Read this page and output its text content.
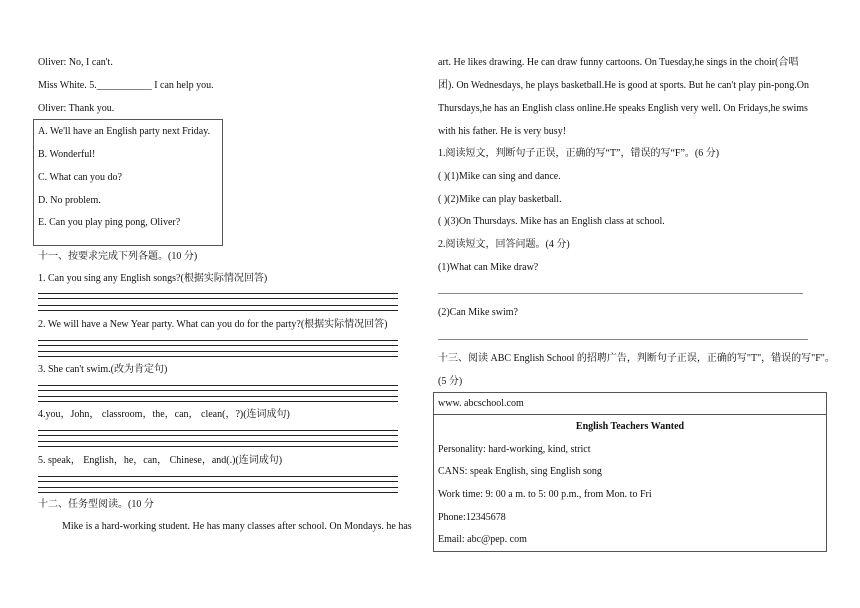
Oliver: No, I can't.
Miss White. 5.___________ I can help you.
Oliver: Thank you.
A. We'll have an English party next Friday.
B. Wonderful!
C. What can you do?
D. No problem.
E. Can you play ping pong, Oliver?
十一、按要求完成下列各题。(10 分)
1. Can you sing any English songs?(根据实际情况回答)
2. We will have a New Year party. What can you do for the party?(根据实际情况回答)
3. She can't swim.(改为肯定句)
4.you，John， classroom，the，can， clean(，?)(连词成句)
5. speak， English，he，can， Chinese，and(.)(连词成句)
十二、任务型阅读。(10 分
Mike is a hard-working student. He has many classes after school. On Mondays. he has
art. He likes drawing. He can draw funny cartoons. On Tuesday,he sings in the choir(合唱
团). On Wednesdays, he plays basketball.He is good at sports. But he can't play pin-pong.On
Thursdays,he has an English class online.He speaks English very well. On Fridays,he swims
with his father. He is very busy!
1.阅读短文，判断句子正误，正确的写“T”，错误的写“F”。(6 分)
( )(1)Mike can sing and dance.
( )(2)Mike can play basketball.
( )(3)On Thursdays. Mike has an English class at school.
2.阅读短文，回答问题。(4 分)
(1)What can Mike draw?
(2)Can Mike swim?
十三、阅读 ABC English School 的招聘广告，判断句子正误，正确的写"T"，错误的写"F"。
(5 分)
www. abcschool.com
English Teachers Wanted
Personality: hard-working, kind, strict
CANS: speak English, sing English song
Work time: 9: 00 a m. to 5: 00 p.m., from Mon. to Fri
Phone:12345678
Email: abc@pep. com
